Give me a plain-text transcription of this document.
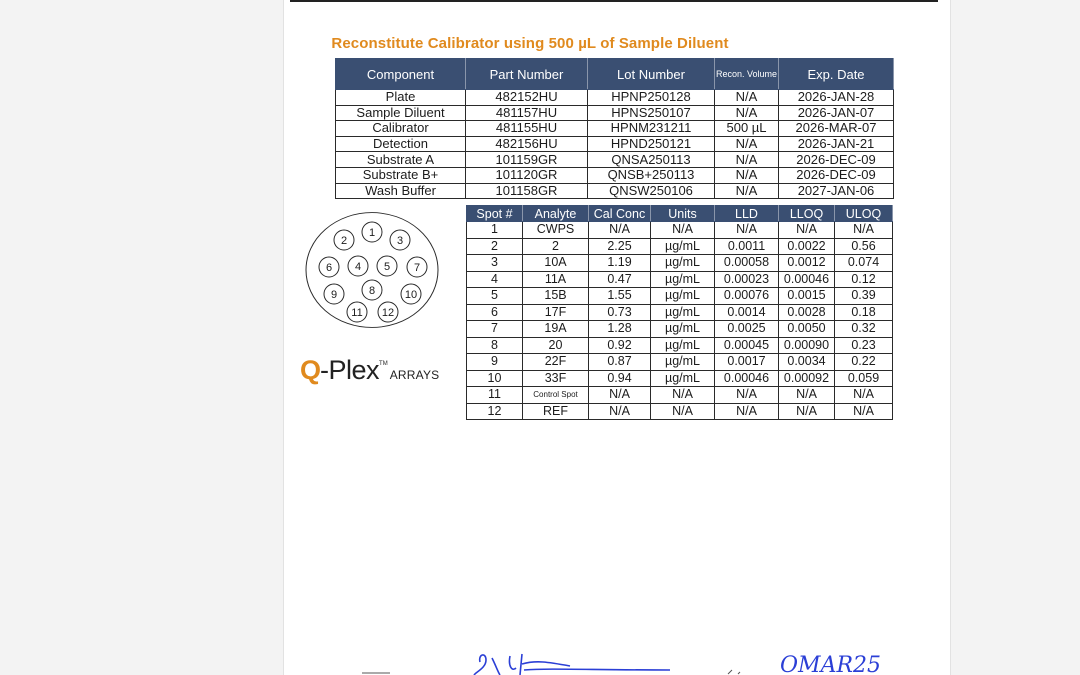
Reconstitute Calibrator using 500 µL of Sample Diluent
Component	Part Number	Lot Number	Recon. Volume	Exp. Date
Plate	482152HU	HPNP250128	N/A	2026-JAN-28
Sample Diluent	481157HU	HPNS250107	N/A	2026-JAN-07
Calibrator	481155HU	HPNM231211	500 µL	2026-MAR-07
Detection	482156HU	HPND250121	N/A	2026-JAN-21
Substrate A	101159GR	QNSA250113	N/A	2026-DEC-09
Substrate B+	101120GR	QNSB+250113	N/A	2026-DEC-09
Wash Buffer	101158GR	QNSW250106	N/A	2027-JAN-06
1
2	3
4 5
6	7
8
9	10
11 12
Q-Plex™ARRAYS
Spot #	Analyte	Cal Conc	Units	LLD	LLOQ	ULOQ
1	CWPS	N/A	N/A	N/A	N/A	N/A
2	2	2.25	µg/mL	0.0011	0.0022	0.56
3	10A	1.19	µg/mL	0.00058	0.0012	0.074
4	11A	0.47	µg/mL	0.00023	0.00046	0.12
5	15B	1.55	µg/mL	0.00076	0.0015	0.39
6	17F	0.73	µg/mL	0.0014	0.0028	0.18
7	19A	1.28	µg/mL	0.0025	0.0050	0.32
8	20	0.92	µg/mL	0.00045	0.00090	0.23
9	22F	0.87	µg/mL	0.0017	0.0034	0.22
10	33F	0.94	µg/mL	0.00046	0.00092	0.059
11	Control Spot	N/A	N/A	N/A	N/A	N/A
12	REF	N/A	N/A	N/A	N/A	N/A
OMAR25
